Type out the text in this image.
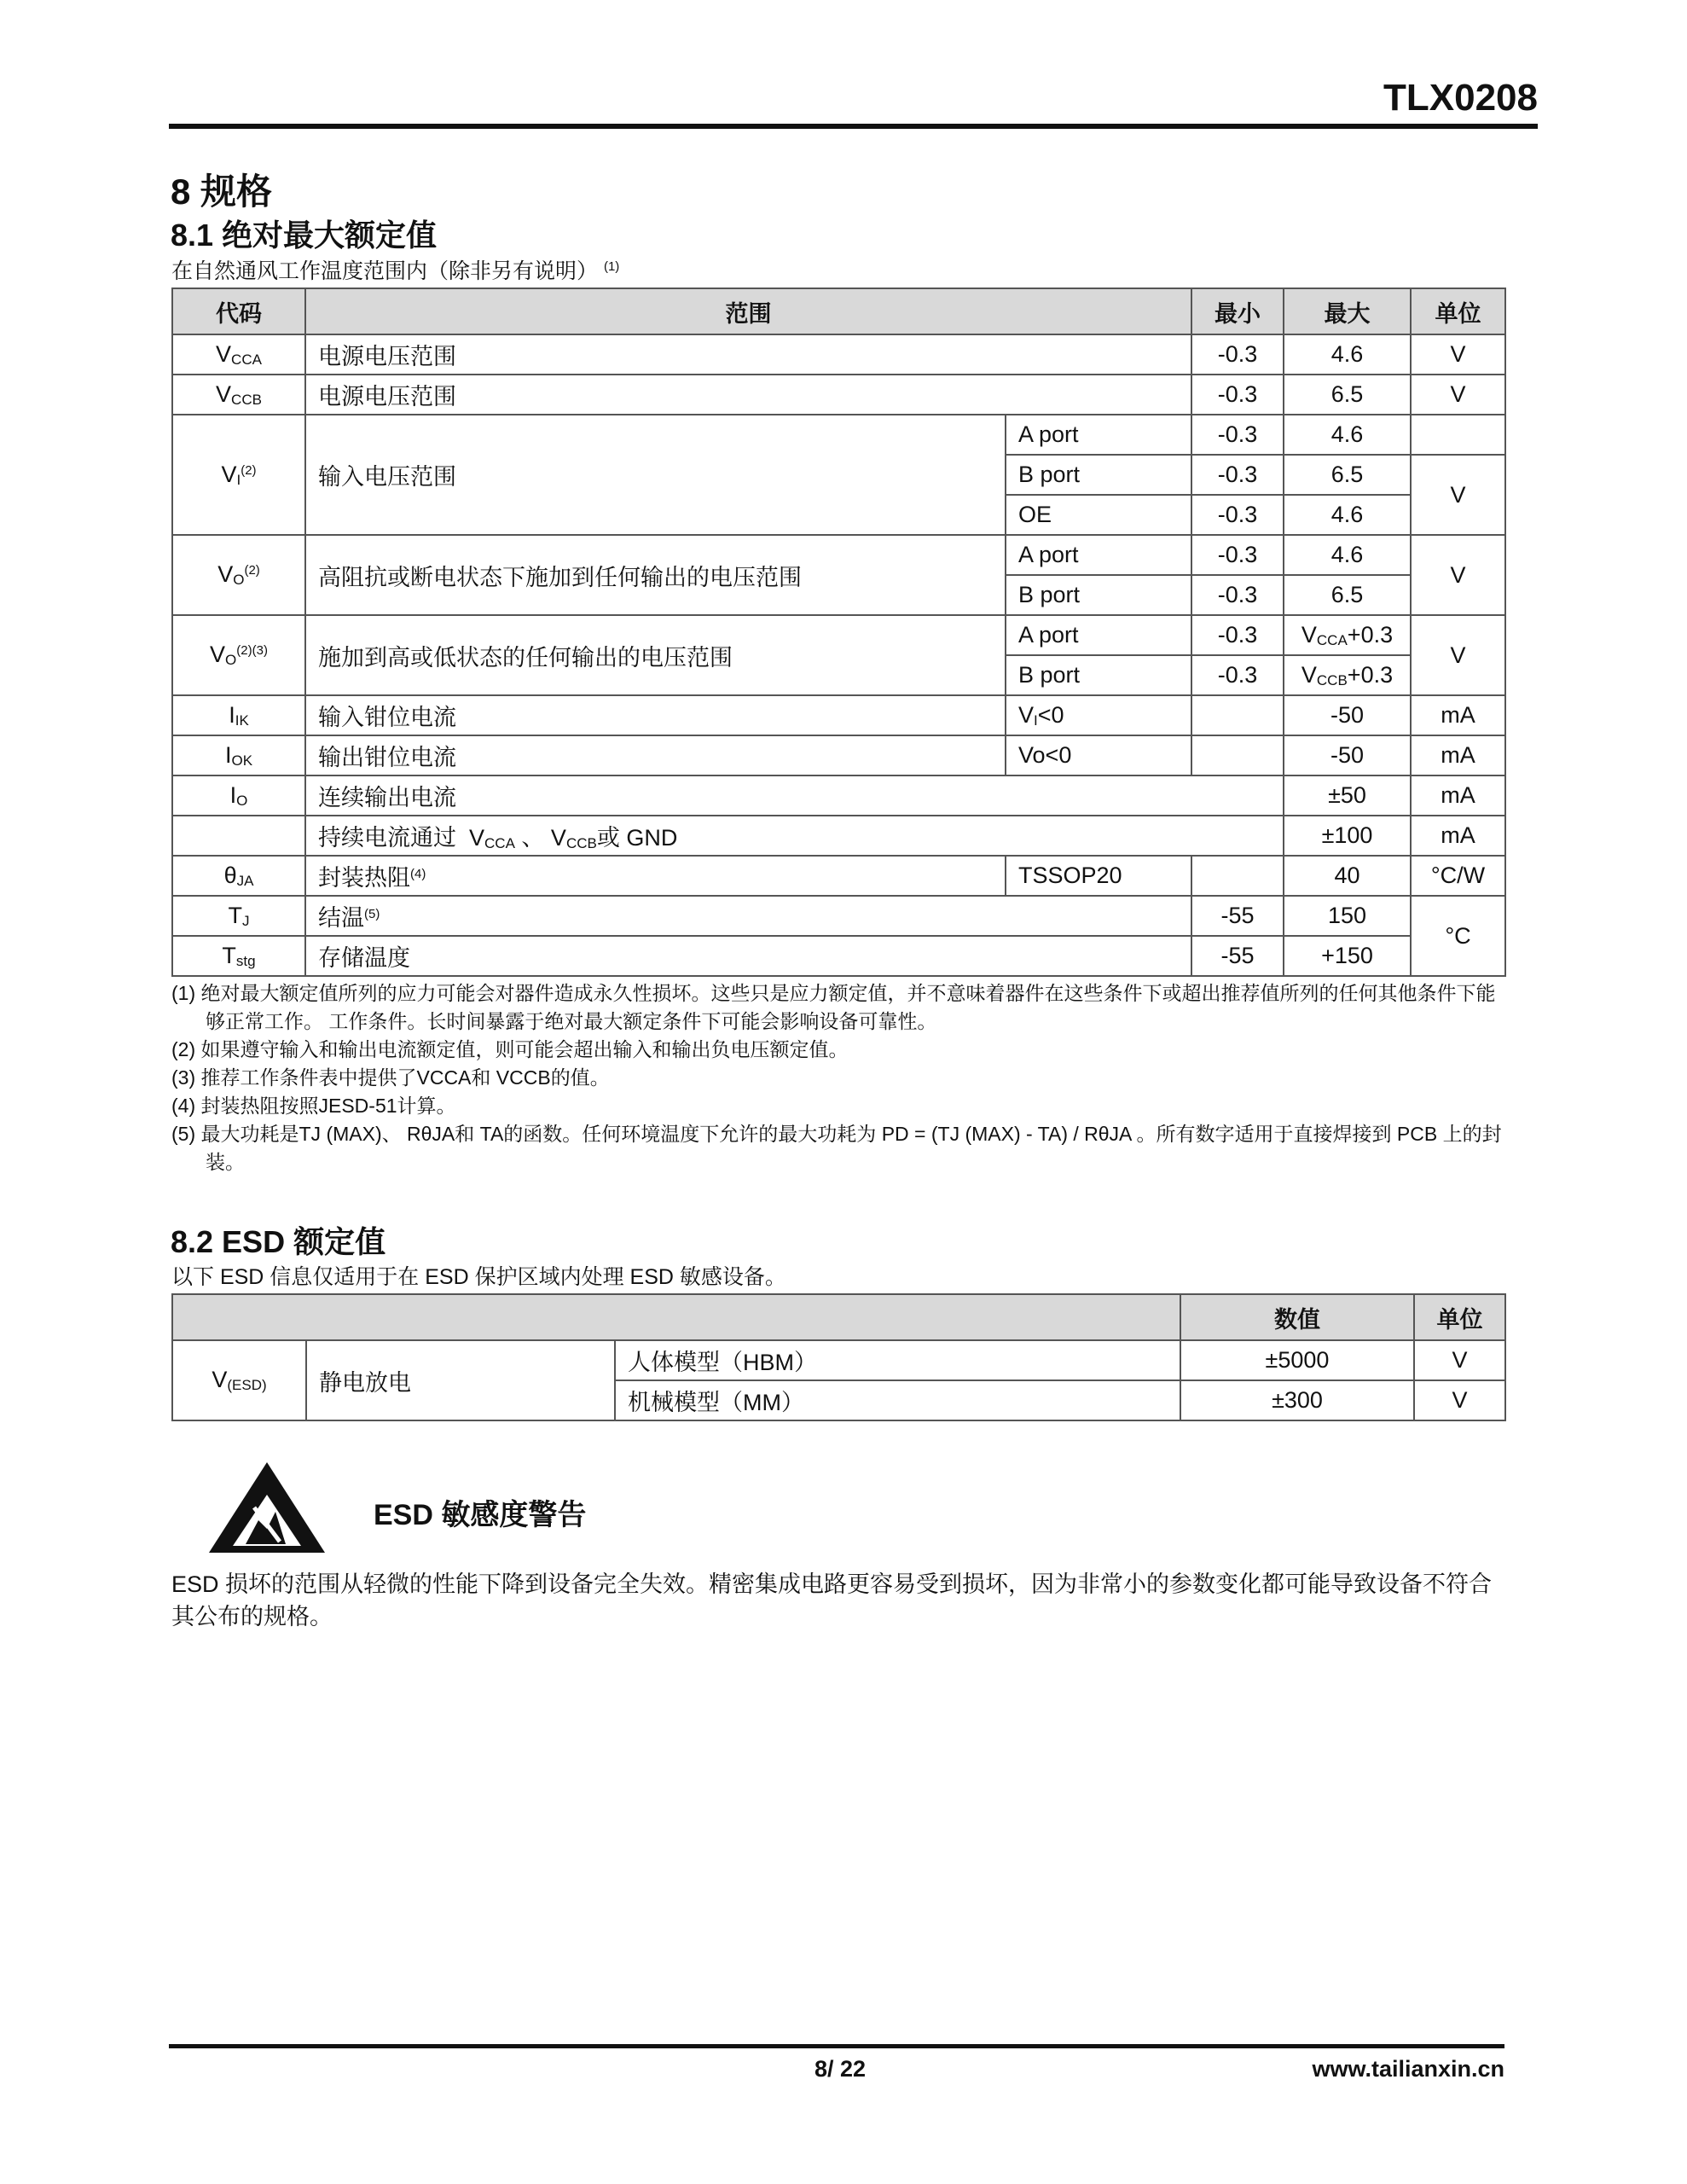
TLX0208
8 规格
8.1 绝对最大额定值
在自然通风工作温度范围内（除非另有说明） $^{(1)}$
代码	范围		最小	最大	单位
$V_{CCA}$	电源电压范围		-0.3	4.6	V
$V_{CCB}$	电源电压范围		-0.3	6.5	V
$V_I^{(2)}$	输入电压范围	A port	-0.3	4.6	
		B port	-0.3	6.5	V
		OE	-0.3	4.6	
$V_O^{(2)}$	高阻抗或断电状态下施加到任何输出的电压范围	A port	-0.3	4.6	V
		B port	-0.3	6.5	
$V_O^{(2)(3)}$	施加到高或低状态的任何输出的电压范围	A port	-0.3	$V_{CCA}+0.3$	V
		B port	-0.3	$V_{CCB}+0.3$	
$I_{IK}$	输入钳位电流	$V_I<0$		-50	mA
$I_{OK}$	输出钳位电流	Vo<0		-50	mA
$I_O$	连续输出电流			±50	mA
	持续电流通过  $V_{CCA}$ 、 $V_{CCB}$或 GND			±100	mA
$\theta_{JA}$	封装热阻$^{(4)}$	TSSOP20		40	°C/W
$T_J$	结温$^{(5)}$		-55	150	°C
$T_{stg}$	存储温度		-55	+150	
(1) 绝对最大额定值所列的应力可能会对器件造成永久性损坏。这些只是应力额定值，并不意味着器件在这些条件下或超出推荐值所列的任何其他条件下能够正常工作。 工作条件。长时间暴露于绝对最大额定条件下可能会影响设备可靠性。
(2) 如果遵守输入和输出电流额定值，则可能会超出输入和输出负电压额定值。
(3) 推荐工作条件表中提供了VCCA和 VCCB的值。
(4) 封装热阻按照JESD-51计算。
(5) 最大功耗是TJ (MAX)、 RθJA和 TA的函数。任何环境温度下允许的最大功耗为 PD = (TJ (MAX) - TA) / RθJA 。所有数字适用于直接焊接到 PCB 上的封装。
8.2 ESD 额定值
以下 ESD 信息仅适用于在 ESD 保护区域内处理 ESD 敏感设备。
			数值	单位
$V_{(ESD)}$	静电放电	人体模型（HBM）	±5000	V
		机械模型（MM）	±300	V
ESD 敏感度警告
ESD 损坏的范围从轻微的性能下降到设备完全失效。精密集成电路更容易受到损坏，因为非常小的参数变化都可能导致设备不符合其公布的规格。
8/ 22	www.tailianxin.cn
